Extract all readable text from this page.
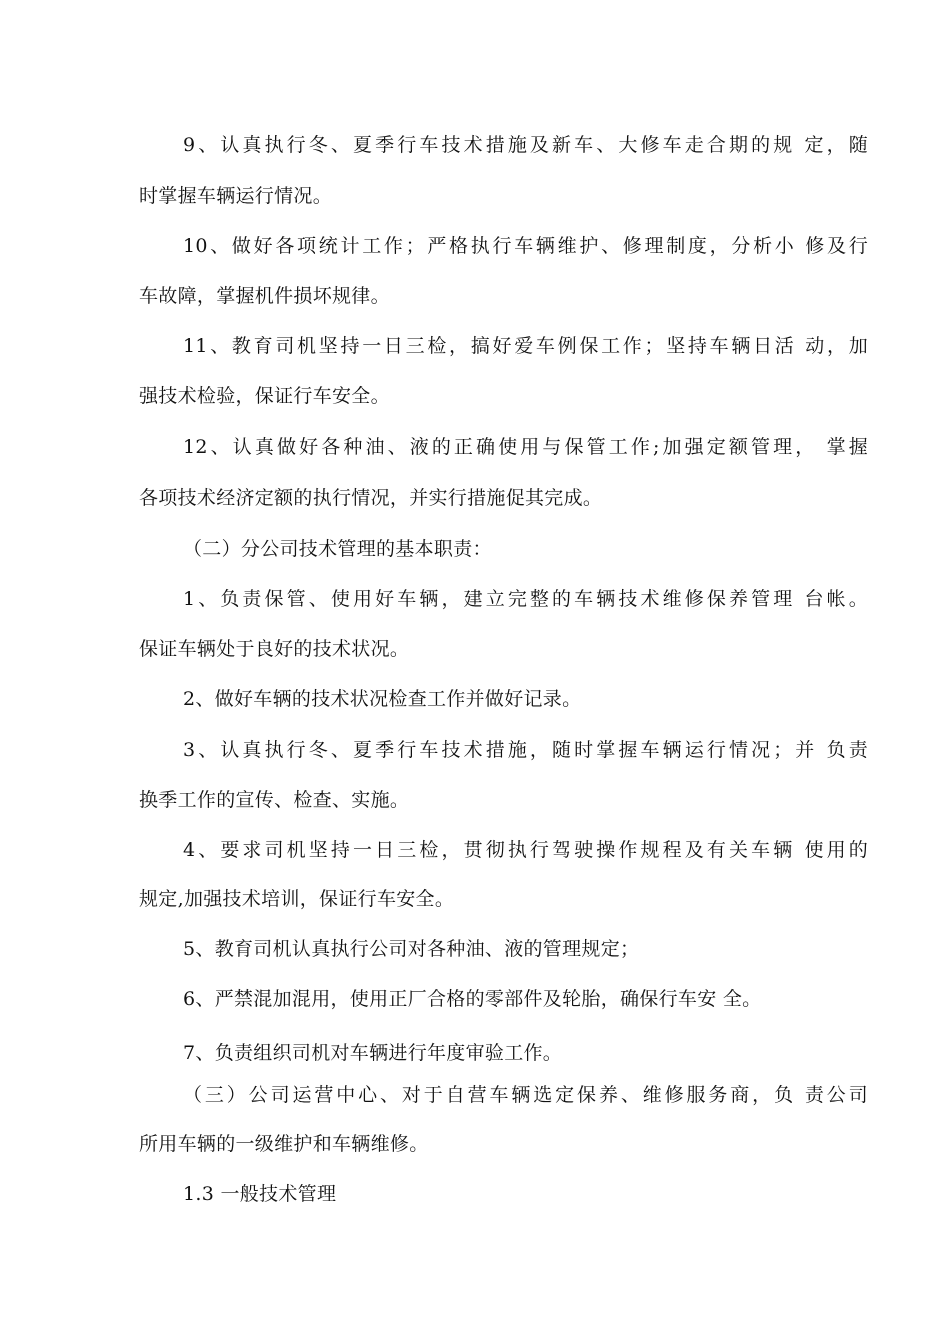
9、认真执行冬、夏季行车技术措施及新车、大修车走合期的规 定，随
时掌握车辆运行情况。
10、做好各项统计工作；严格执行车辆维护、修理制度，分析小 修及行
车故障，掌握机件损坏规律。
11、教育司机坚持一日三检，搞好爱车例保工作；坚持车辆日活 动，加
强技术检验，保证行车安全。
12、认真做好各种油、液的正确使用与保管工作;加强定额管理， 掌握
各项技术经济定额的执行情况，并实行措施促其完成。
（二）分公司技术管理的基本职责：
1、负责保管、使用好车辆，建立完整的车辆技术维修保养管理 台帐。
保证车辆处于良好的技术状况。
2、做好车辆的技术状况检查工作并做好记录。
3、认真执行冬、夏季行车技术措施，随时掌握车辆运行情况；并 负责
换季工作的宣传、检查、实施。
4、要求司机坚持一日三检，贯彻执行驾驶操作规程及有关车辆 使用的
规定,加强技术培训，保证行车安全。
5、教育司机认真执行公司对各种油、液的管理规定；
6、严禁混加混用，使用正厂合格的零部件及轮胎，确保行车安 全。
7、负责组织司机对车辆进行年度审验工作。
（三）公司运营中心、对于自营车辆选定保养、维修服务商，负 责公司
所用车辆的一级维护和车辆维修。
1.3 一般技术管理
